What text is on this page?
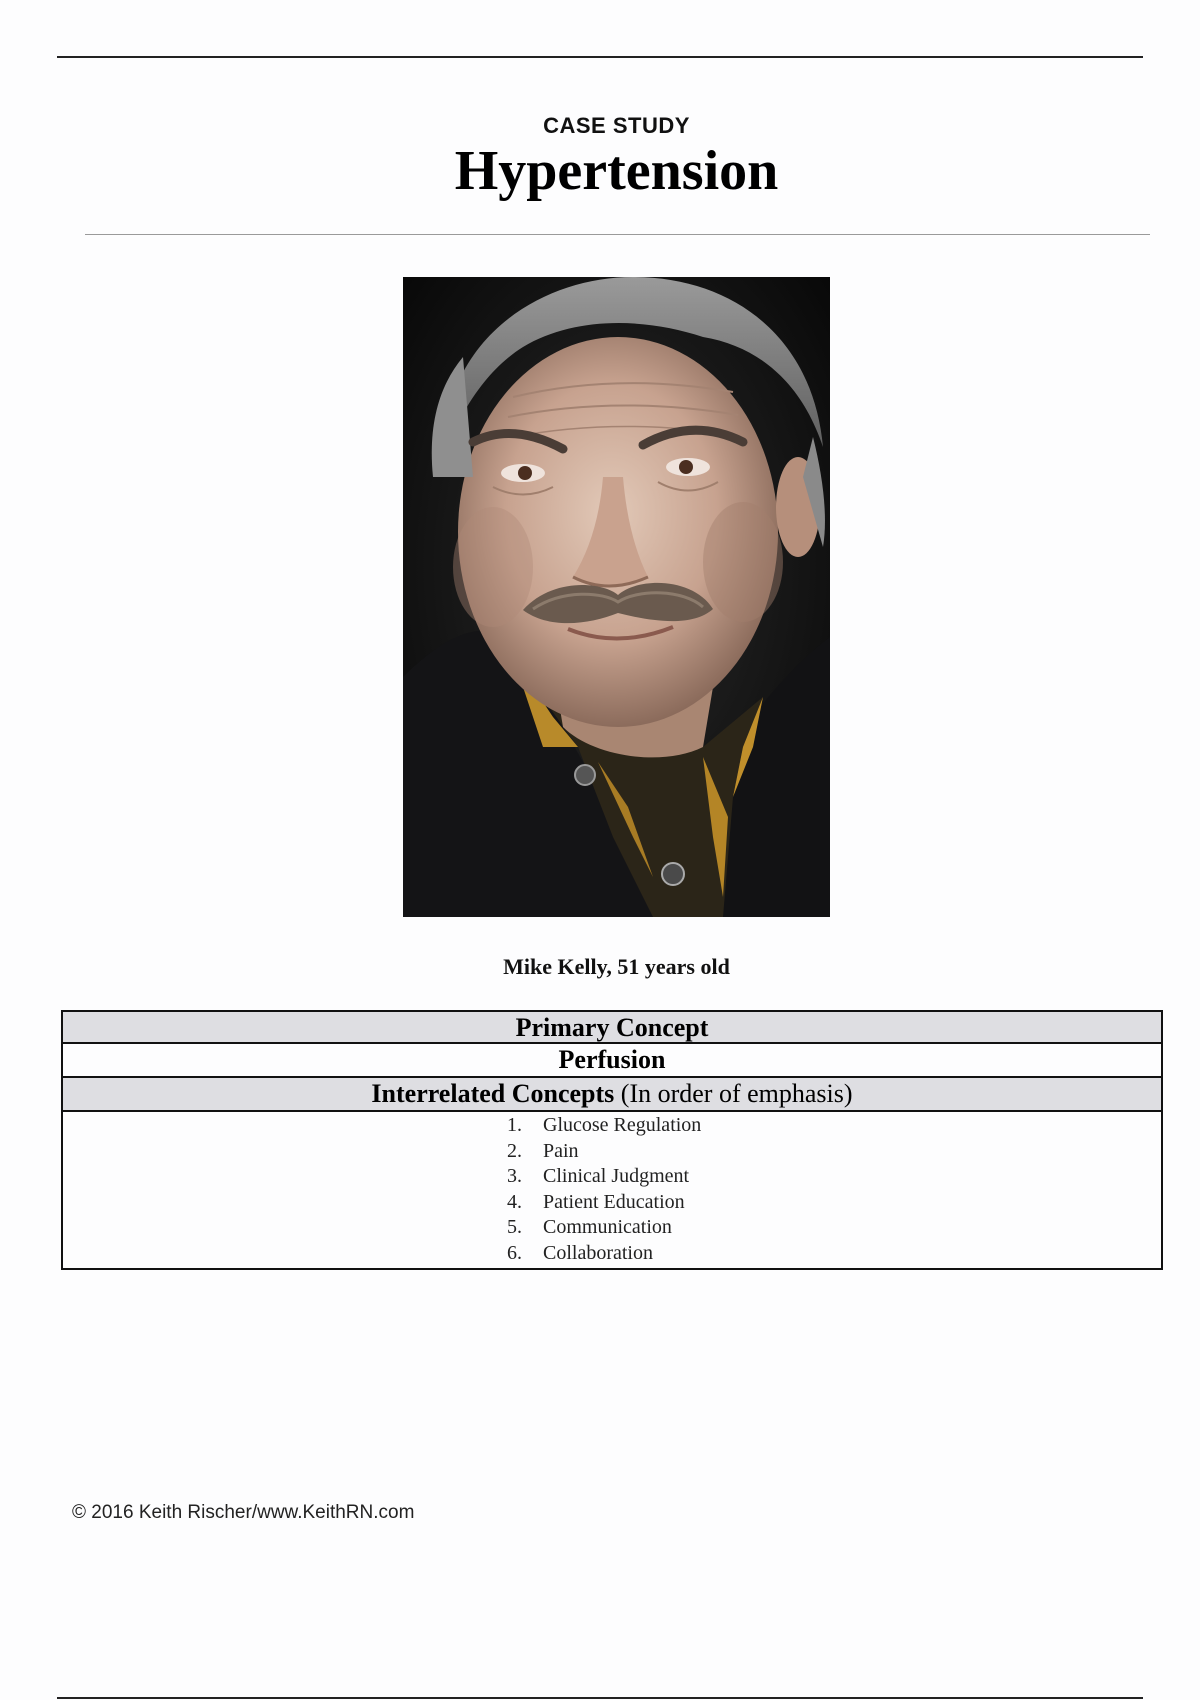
CASE STUDY
Hypertension
Mike Kelly, 51 years old
Primary Concept
Perfusion
Interrelated Concepts (In order of emphasis)
1. Glucose Regulation
2. Pain
3. Clinical Judgment
4. Patient Education
5. Communication
6. Collaboration
© 2016 Keith Rischer/www.KeithRN.com
